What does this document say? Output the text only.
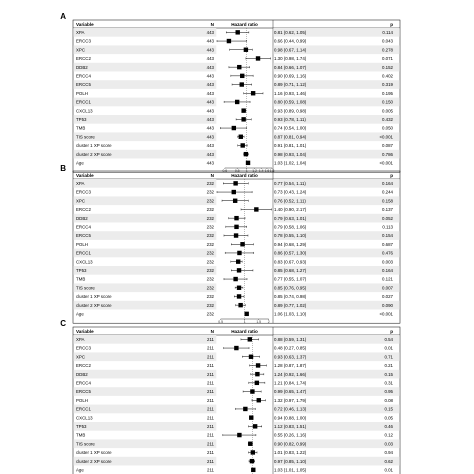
A
Variable	N	Hazard ratio	p
XPA	443	0.81 (0.62, 1.05)	0.114
ERCC3	443	0.66 (0.44, 0.99)	0.043
XPC	443	0.98 (0.67, 1.14)	0.278
ERCC2	443	1.30 (0.98, 1.74)	0.071
DDB2	443	0.84 (0.66, 1.07)	0.152
ERCC4	443	0.90 (0.69, 1.16)	0.402
ERCC5	443	0.89 (0.71, 1.12)	0.319
POLH	443	1.16 (0.93, 1.46)	0.195
ERCC1	443	0.80 (0.59, 1.08)	0.150
CXCL13	443	0.93 (0.89, 0.98)	0.005
TP53	443	0.93 (0.78, 1.11)	0.432
TMB	443	0.74 (0.54, 1.00)	0.050
TIS score	443	0.87 (0.81, 0.94)	<0.001
cluster 1 XP score	443	0.91 (0.81, 1.01)	0.087
cluster 2 XP score	443	0.98 (0.93, 1.04)	0.786
Age	443	1.03 (1.02, 1.04)	<0.001
0.6 0.8 1 1.2 1.4 1.6 1.8
B
Variable	N	Hazard ratio	p
XPA	232	0.77 (0.54, 1.11)	0.164
ERCC3	232	0.73 (0.43, 1.24)	0.244
XPC	232	0.76 (0.52, 1.11)	0.158
ERCC2	232	1.40 (0.90, 2.17)	0.137
DDB2	232	0.79 (0.63, 1.01)	0.052
ERCC4	232	0.79 (0.58, 1.06)	0.113
ERCC5	232	0.78 (0.55, 1.10)	0.154
POLH	232	0.94 (0.68, 1.29)	0.687
ERCC1	232	0.86 (0.57, 1.30)	0.476
CXCL13	232	0.83 (0.67, 0.93)	0.003
TP53	232	0.85 (0.68, 1.27)	0.164
TMB	232	0.77 (0.55, 1.07)	0.121
TIS score	232	0.85 (0.76, 0.95)	0.007
cluster 1 XP score	232	0.85 (0.74, 0.98)	0.027
cluster 2 XP score	232	0.89 (0.77, 1.02)	0.090
Age	232	1.06 (1.03, 1.10)	<0.001
0.5	1	1.5 2
C
Variable	N	Hazard ratio	p
XPA	211	0.88 (0.59, 1.31)	0.54
ERCC3	211	0.48 (0.27, 0.85)	0.01
XPC	211	0.93 (0.63, 1.37)	0.71
ERCC2	211	1.28 (0.87, 1.87)	0.21
DDB2	211	1.24 (0.92, 1.66)	0.15
ERCC4	211	1.21 (0.84, 1.74)	0.31
ERCC5	211	0.99 (0.65, 1.47)	0.95
POLH	211	1.32 (0.97, 1.79)	0.08
ERCC1	211	0.72 (0.46, 1.13)	0.15
CXCL13	211	0.94 (0.88, 1.00)	0.05
TP53	211	1.12 (0.83, 1.51)	0.46
TMB	211	0.55 (0.26, 1.16)	0.12
TIS score	211	0.90 (0.82, 0.99)	0.03
cluster 1 XP score	211	1.01 (0.83, 1.22)	0.94
cluster 2 XP score	211	0.97 (0.85, 1.10)	0.62
Age	211	1.03 (1.01, 1.05)	0.01
